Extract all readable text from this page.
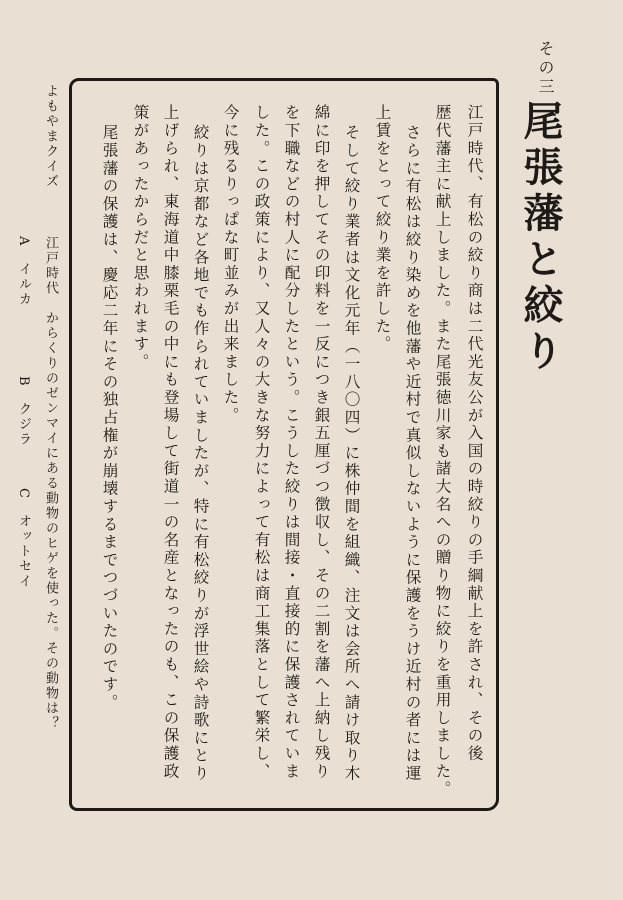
その三
尾張藩と絞り
江戸時代、有松の絞り商は二代光友公が入国の時絞りの手綱献上を許され、その後
歴代藩主に献上しました。また尾張徳川家も諸大名への贈り物に絞りを重用しました。
さらに有松は絞り染めを他藩や近村で真似しないように保護をうけ近村の者には運
上賃をとって絞り業を許した。
そして絞り業者は文化元年（一八〇四）に株仲間を組織、注文は会所へ請け取り木
綿に印を押してその印料を一反につき銀五厘づつ徴収し、その二割を藩へ上納し残り
を下職などの村人に配分したという。こうした絞りは間接・直接的に保護されていま
した。この政策により、又人々の大きな努力によって有松は商工集落として繁栄し、
今に残るりっぱな町並みが出来ました。
絞りは京都など各地でも作られていましたが、特に有松絞りが浮世絵や詩歌にとり
上げられ、東海道中膝栗毛の中にも登場して街道一の名産となったのも、この保護政
策があったからだと思われます。
尾張藩の保護は、慶応二年にその独占権が崩壊するまでつづいたのです。
よもやまクイズ
江戸時代　からくりのゼンマイにある動物のヒゲを使った。その動物は？
A
イルカ
B
クジラ
C
オットセイ
